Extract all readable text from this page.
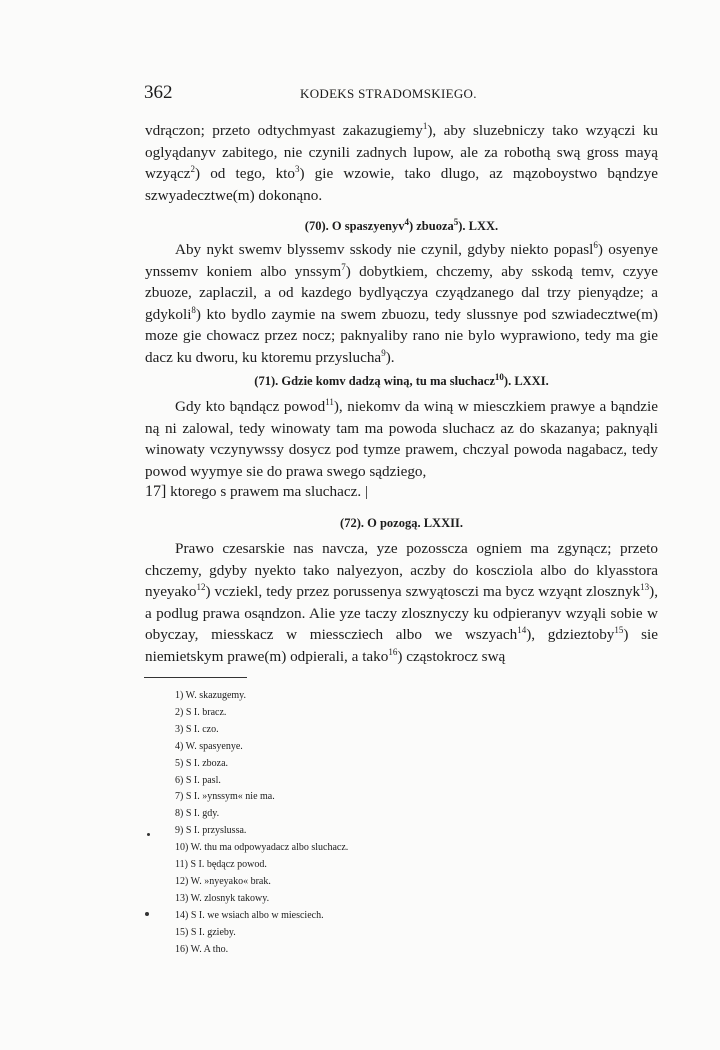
362	KODEKS STRADOMSKIEGO.
vdrączon; przeto odtychmyast zakazugiemy$^1$), aby sluzebniczy tako wzyączi ku oglyądanyv zabitego, nie czynili zadnych lupow, ale za robothą swą gross mayą wzyącz$^2$) od tego, kto$^3$) gie wzowie, tako dlugo, az mązoboystwo bąndzye szwyadecztwe(m) dokonąno.
(70). O spaszyenyv$^4$) zbuoza$^5$). LXX.
Aby nykt swemv blyssemv sskody nie czynil, gdyby niekto popasl$^6$) osyenye ynssemv koniem albo ynssym$^7$) dobytkiem, chczemy, aby sskodą temv, czyye zbuoze, zaplaczil, a od kazdego bydlyączya czyądzanego dal trzy pienyądze; a gdykoli$^8$) kto bydlo zaymie na swem zbuozu, tedy slussnye pod szwiadecztwe(m) moze gie chowacz przez nocz; paknyaliby rano nie bylo wyprawiono, tedy ma gie dacz ku dworu, ku ktoremu przyslucha$^9$).
(71). Gdzie komv dadzą winą, tu ma sluchacz$^{10}$). LXXI.
Gdy kto bąndącz powod$^{11}$), niekomv da winą w miesczkiem prawye a bąndzie ną ni zalowal, tedy winowaty tam ma powoda sluchacz az do skazanya; paknyąli winowaty vczynywssy dosycz pod tymze prawem, chczyal powoda nagabacz, tedy powod wyymye sie do prawa swego sądziego,
17] ktorego s prawem ma sluchacz. |
(72). O pozogą. LXXII.
Prawo czesarskie nas navcza, yze pozossczа ogniem ma zgynącz; przeto chczemy, gdyby nyekto tako nalyezyon, aczby do koscziola albo do klyasstora nyeyako$^{12}$) vcziekl, tedy przez porussenya szwyątosczi ma bycz wzyąnt zlosznyk$^{13}$), a podlug prawa osąndzon. Alie yze taczy zlosznyczy ku odpieranyv wzyąli sobie w obyczay, miesskacz w miessczіech albo we wszyach$^{14}$), gdzieztoby$^{15}$) sie niemietskym prawe(m) odpierali, a tako$^{16}$) cząstokrocz swą
1) W. skazugemy.
2) S I. bracz.
3) S I. czo.
4) W. spasyenye.
5) S I. zboza.
6) S I. pasl.
7) S I. »ynssym« nie ma.
8) S I. gdy.
9) S I. przyslussa.
10) W. thu ma odpowyadacz albo sluchacz.
11) S I. będącz powod.
12) W. »nyeyako« brak.
13) W. zlosnyk takowy.
14) S I. we wsiach albo w miesciech.
15) S I. gzieby.
16) W. A tho.
